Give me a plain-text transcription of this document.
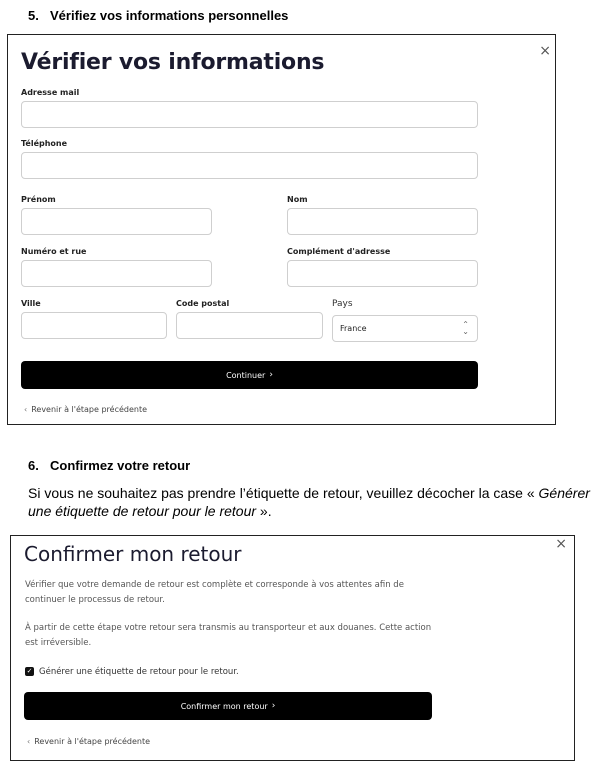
5. Vérifiez vos informations personnelles
×
Vérifier vos informations
Adresse mail
Téléphone
Prénom	Nom
Numéro et rue	Complément d'adresse
Ville	Code postal	Pays
France	⌃
⌄
Continuer ›
‹ Revenir à l'étape précédente
6. Confirmez votre retour
Si vous ne souhaitez pas prendre l’étiquette de retour, veuillez décocher la case « Générer une étiquette de retour pour le retour ».
×
Confirmer mon retour
Vérifier que votre demande de retour est complète et corresponde à vos attentes afin de continuer le processus de retour.
À partir de cette étape votre retour sera transmis au transporteur et aux douanes. Cette action est irréversible.
✓ Générer une étiquette de retour pour le retour.
Confirmer mon retour ›
‹ Revenir à l'étape précédente
